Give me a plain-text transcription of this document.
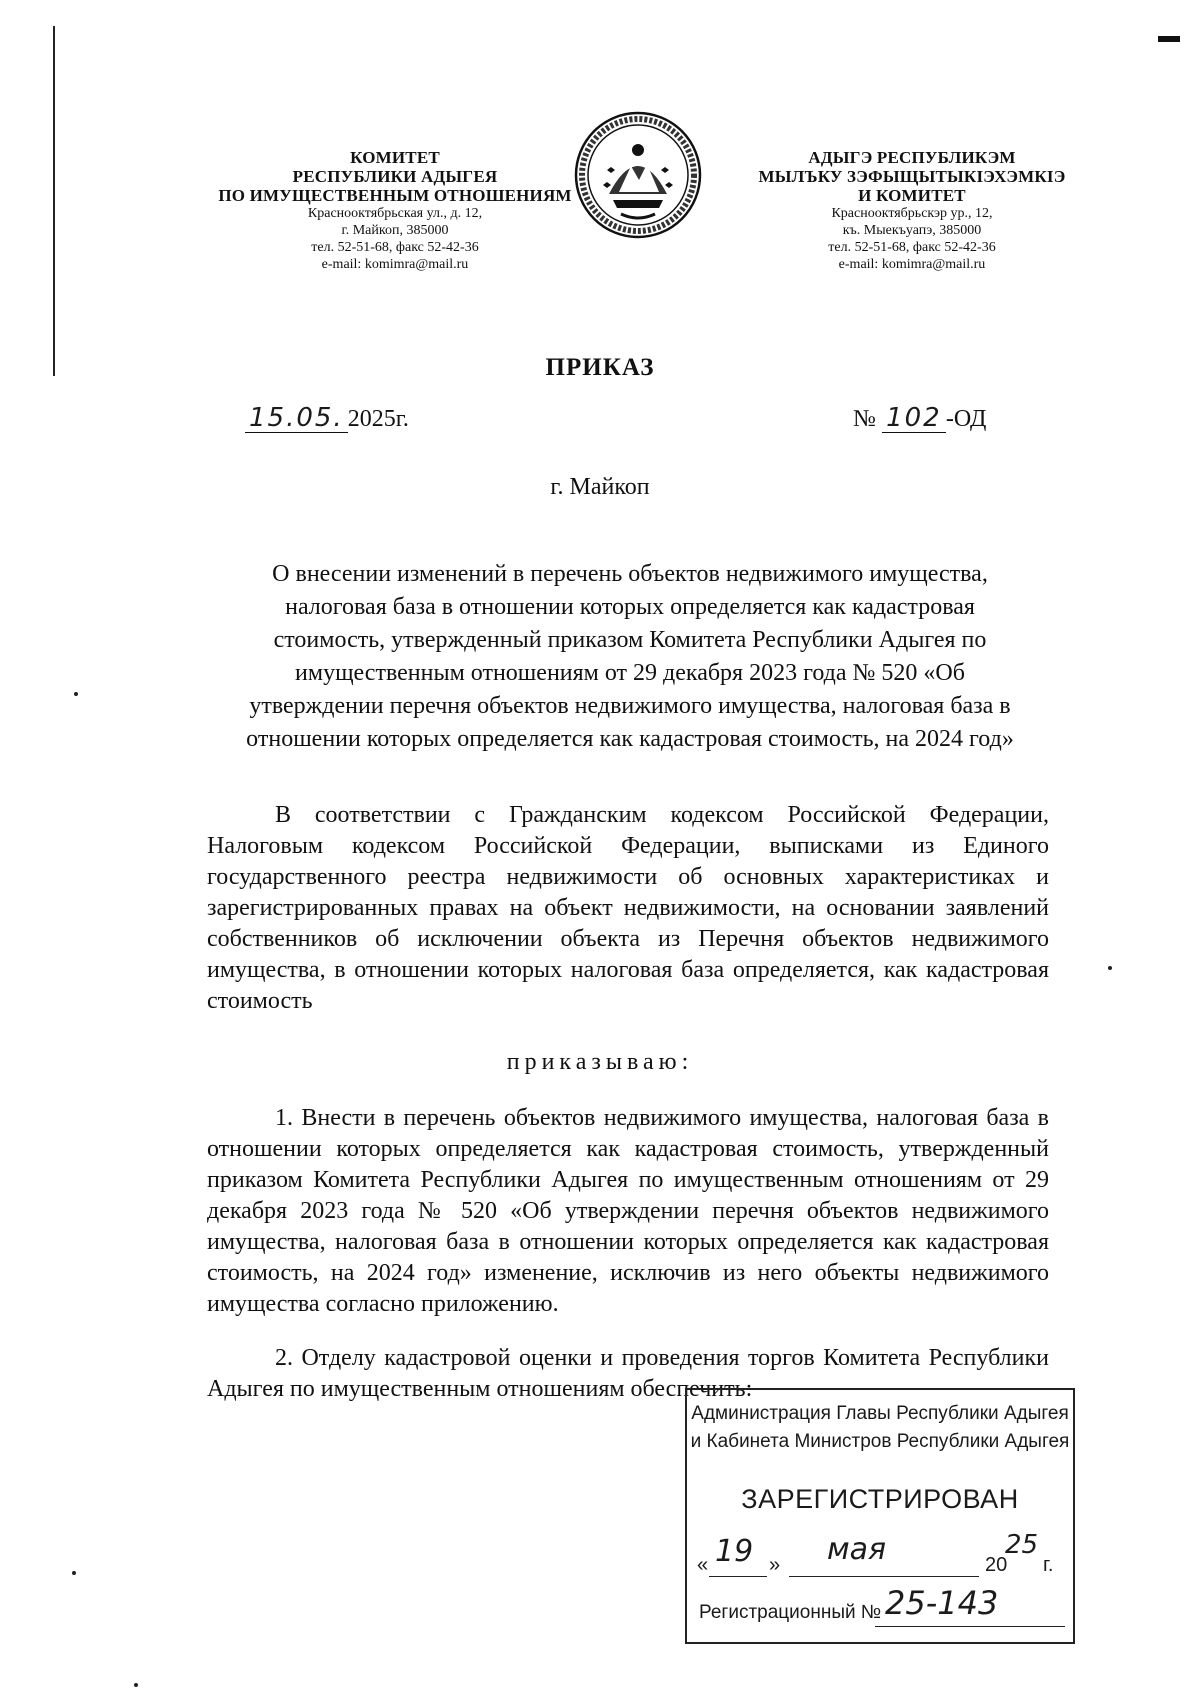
КОМИТЕТ
РЕСПУБЛИКИ АДЫГЕЯ
ПО ИМУЩЕСТВЕННЫМ ОТНОШЕНИЯМ
Краснооктябрьская ул., д. 12,
г. Майкоп, 385000
тел. 52-51-68, факс 52-42-36
e-mail: komimra@mail.ru
АДЫГЭ РЕСПУБЛИКЭМ
МЫЛЪКУ ЗЭФЫЩЫТЫКIЭХЭМКIЭ
И КОМИТЕТ
Краснооктябрьскэр ур., 12,
къ. Мыекъуапэ, 385000
тел. 52-51-68, факс 52-42-36
e-mail: komimra@mail.ru
ПРИКАЗ
15.05. 2025г.	№ 102 -ОД
г. Майкоп
О внесении изменений в перечень объектов недвижимого имущества,
налоговая база в отношении которых определяется как кадастровая
стоимость, утвержденный приказом Комитета Республики Адыгея по
имущественным отношениям от 29 декабря 2023 года № 520 «Об
утверждении перечня объектов недвижимого имущества, налоговая база в
отношении которых определяется как кадастровая стоимость, на 2024 год»
В соответствии с Гражданским кодексом Российской Федерации, Налоговым кодексом Российской Федерации, выписками из Единого государственного реестра недвижимости об основных характеристиках и зарегистрированных правах на объект недвижимости, на основании заявлений собственников об исключении объекта из Перечня объектов недвижимого имущества, в отношении которых налоговая база определяется, как кадастровая стоимость
приказываю:
1. Внести в перечень объектов недвижимого имущества, налоговая база в отношении которых определяется как кадастровая стоимость, утвержденный приказом Комитета Республики Адыгея по имущественным отношениям от 29 декабря 2023 года № 520 «Об утверждении перечня объектов недвижимого имущества, налоговая база в отношении которых определяется как кадастровая стоимость, на 2024 год» изменение, исключив из него объекты недвижимого имущества согласно приложению.
2. Отделу кадастровой оценки и проведения торгов Комитета Республики Адыгея по имущественным отношениям обеспечить:
Администрация Главы Республики Адыгея
и Кабинета Министров Республики Адыгея
ЗАРЕГИСТРИРОВАН
« 19 » мая	20
25
г.
Регистрационный № 25-143
